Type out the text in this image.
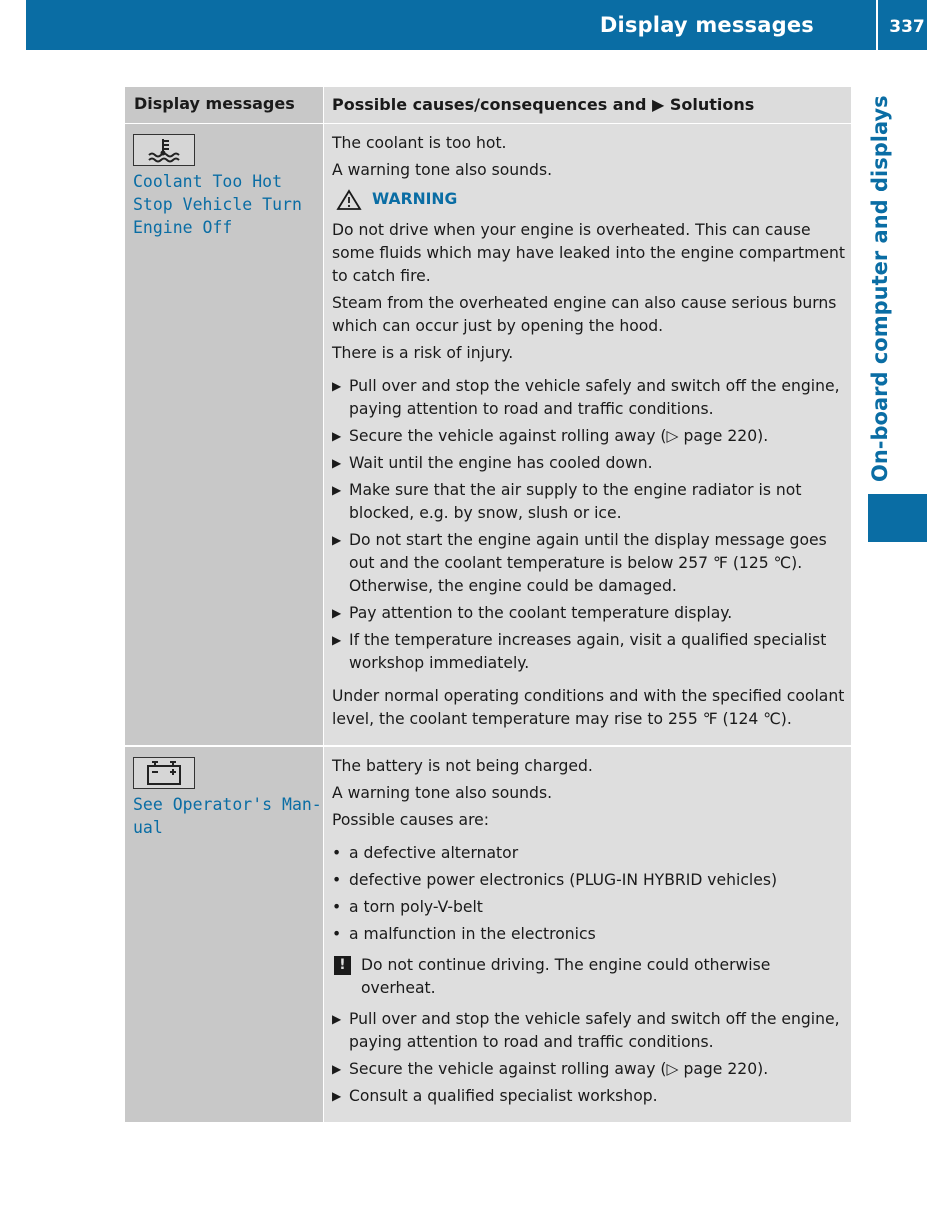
Display messages	337
On-board computer and displays
Display messages	Possible causes/consequences and ▶ Solutions
Coolant Too Hot
Stop Vehicle Turn
Engine Off
The coolant is too hot.
A warning tone also sounds.
WARNING
Do not drive when your engine is overheated. This can cause some fluids which may have leaked into the engine compartment to catch fire.
Steam from the overheated engine can also cause serious burns which can occur just by opening the hood.
There is a risk of injury.
▶ Pull over and stop the vehicle safely and switch off the engine, paying attention to road and traffic conditions.
▶ Secure the vehicle against rolling away (▷ page 220).
▶ Wait until the engine has cooled down.
▶ Make sure that the air supply to the engine radiator is not blocked, e.g. by snow, slush or ice.
▶ Do not start the engine again until the display message goes out and the coolant temperature is below 257 ℉ (125 ℃). Otherwise, the engine could be damaged.
▶ Pay attention to the coolant temperature display.
▶ If the temperature increases again, visit a qualified specialist workshop immediately.
Under normal operating conditions and with the specified coolant level, the coolant temperature may rise to 255 ℉ (124 ℃).
See Operator's Man-
ual
The battery is not being charged.
A warning tone also sounds.
Possible causes are:
• a defective alternator
• defective power electronics (PLUG-IN HYBRID vehicles)
• a torn poly-V-belt
• a malfunction in the electronics
! Do not continue driving. The engine could otherwise overheat.
▶ Pull over and stop the vehicle safely and switch off the engine, paying attention to road and traffic conditions.
▶ Secure the vehicle against rolling away (▷ page 220).
▶ Consult a qualified specialist workshop.
